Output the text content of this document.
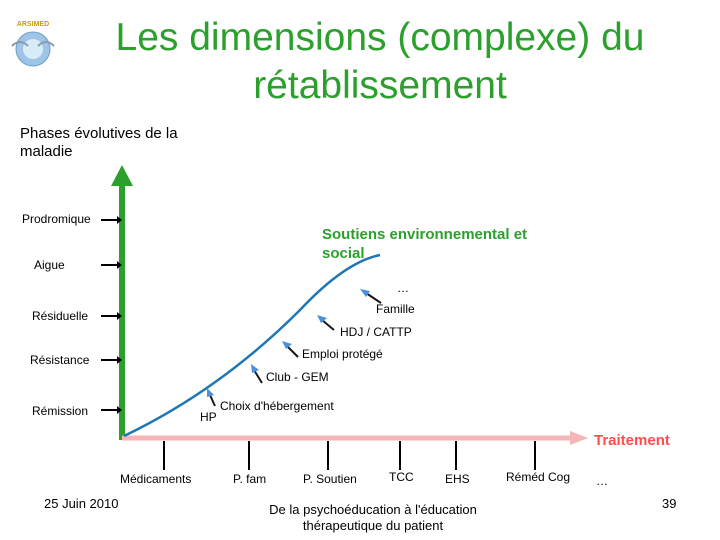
ARSIMED	Les dimensions (complexe) du rétablissement
Phases évolutives de la maladie
Prodromique
Aigue
Résiduelle
Résistance
Rémission
Soutiens environnemental et social
…
Famille
HDJ / CATTP
Emploi protégé
Club - GEM
Choix d'hébergement
HP
Traitement
Médicaments	P. fam	P. Soutien	TCC	EHS	Réméd Cog …
25 Juin 2010	De la psychoéducation à l'éducation thérapeutique du patient
39
